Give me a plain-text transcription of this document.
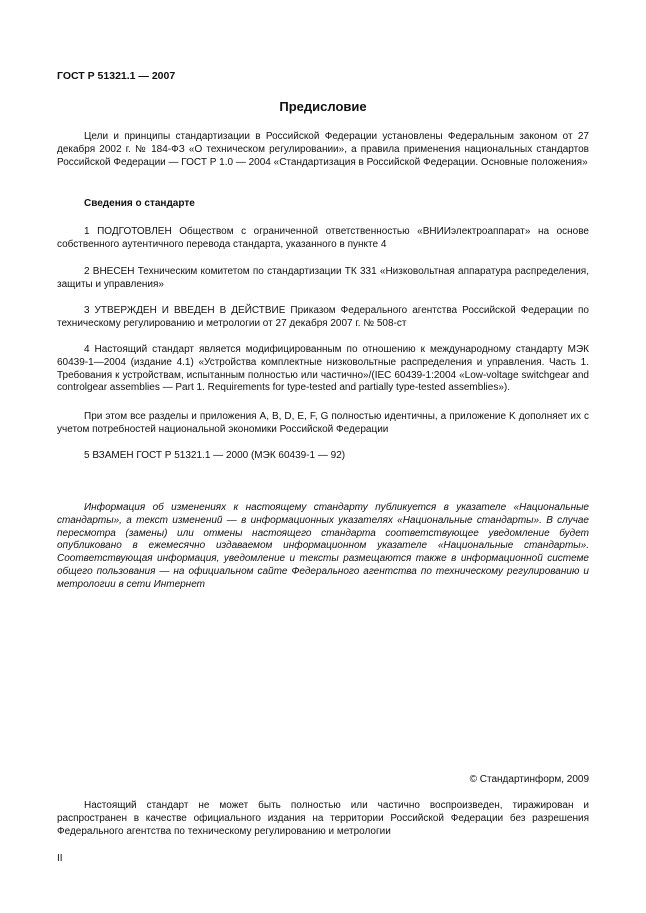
ГОСТ Р 51321.1 — 2007
Предисловие
Цели и принципы стандартизации в Российской Федерации установлены Федеральным законом от 27 декабря 2002 г. № 184-ФЗ «О техническом регулировании», а правила применения национальных стандартов Российской Федерации — ГОСТ Р 1.0 — 2004 «Стандартизация в Российской Федерации. Основные положения»
Сведения о стандарте
1 ПОДГОТОВЛЕН Обществом с ограниченной ответственностью «ВНИИэлектроаппарат» на основе собственного аутентичного перевода стандарта, указанного в пункте 4
2 ВНЕСЕН Техническим комитетом по стандартизации ТК 331 «Низковольтная аппаратура распределения, защиты и управления»
3 УТВЕРЖДЕН И ВВЕДЕН В ДЕЙСТВИЕ Приказом Федерального агентства Российской Федерации по техническому регулированию и метрологии от 27 декабря 2007 г. № 508-ст
4 Настоящий стандарт является модифицированным по отношению к международному стандарту МЭК 60439-1—2004 (издание 4.1) «Устройства комплектные низковольтные распределения и управления. Часть 1. Требования к устройствам, испытанным полностью или частично»/(IEC 60439-1:2004 «Low-voltage switchgear and controlgear assemblies — Part 1. Requirements for type-tested and partially type-tested assemblies»).
При этом все разделы и приложения A, B, D, E, F, G полностью идентичны, а приложение K дополняет их с учетом потребностей национальной экономики Российской Федерации
5 ВЗАМЕН ГОСТ Р 51321.1 — 2000 (МЭК 60439-1 — 92)
Информация об изменениях к настоящему стандарту публикуется в указателе «Национальные стандарты», а текст изменений — в информационных указателях «Национальные стандарты». В случае пересмотра (замены) или отмены настоящего стандарта соответствующее уведомление будет опубликовано в ежемесячно издаваемом информационном указателе «Национальные стандарты». Соответствующая информация, уведомление и тексты размещаются также в информационной системе общего пользования — на официальном сайте Федерального агентства по техническому регулированию и метрологии в сети Интернет
© Стандартинформ, 2009
Настоящий стандарт не может быть полностью или частично воспроизведен, тиражирован и распространен в качестве официального издания на территории Российской Федерации без разрешения Федерального агентства по техническому регулированию и метрологии
II
